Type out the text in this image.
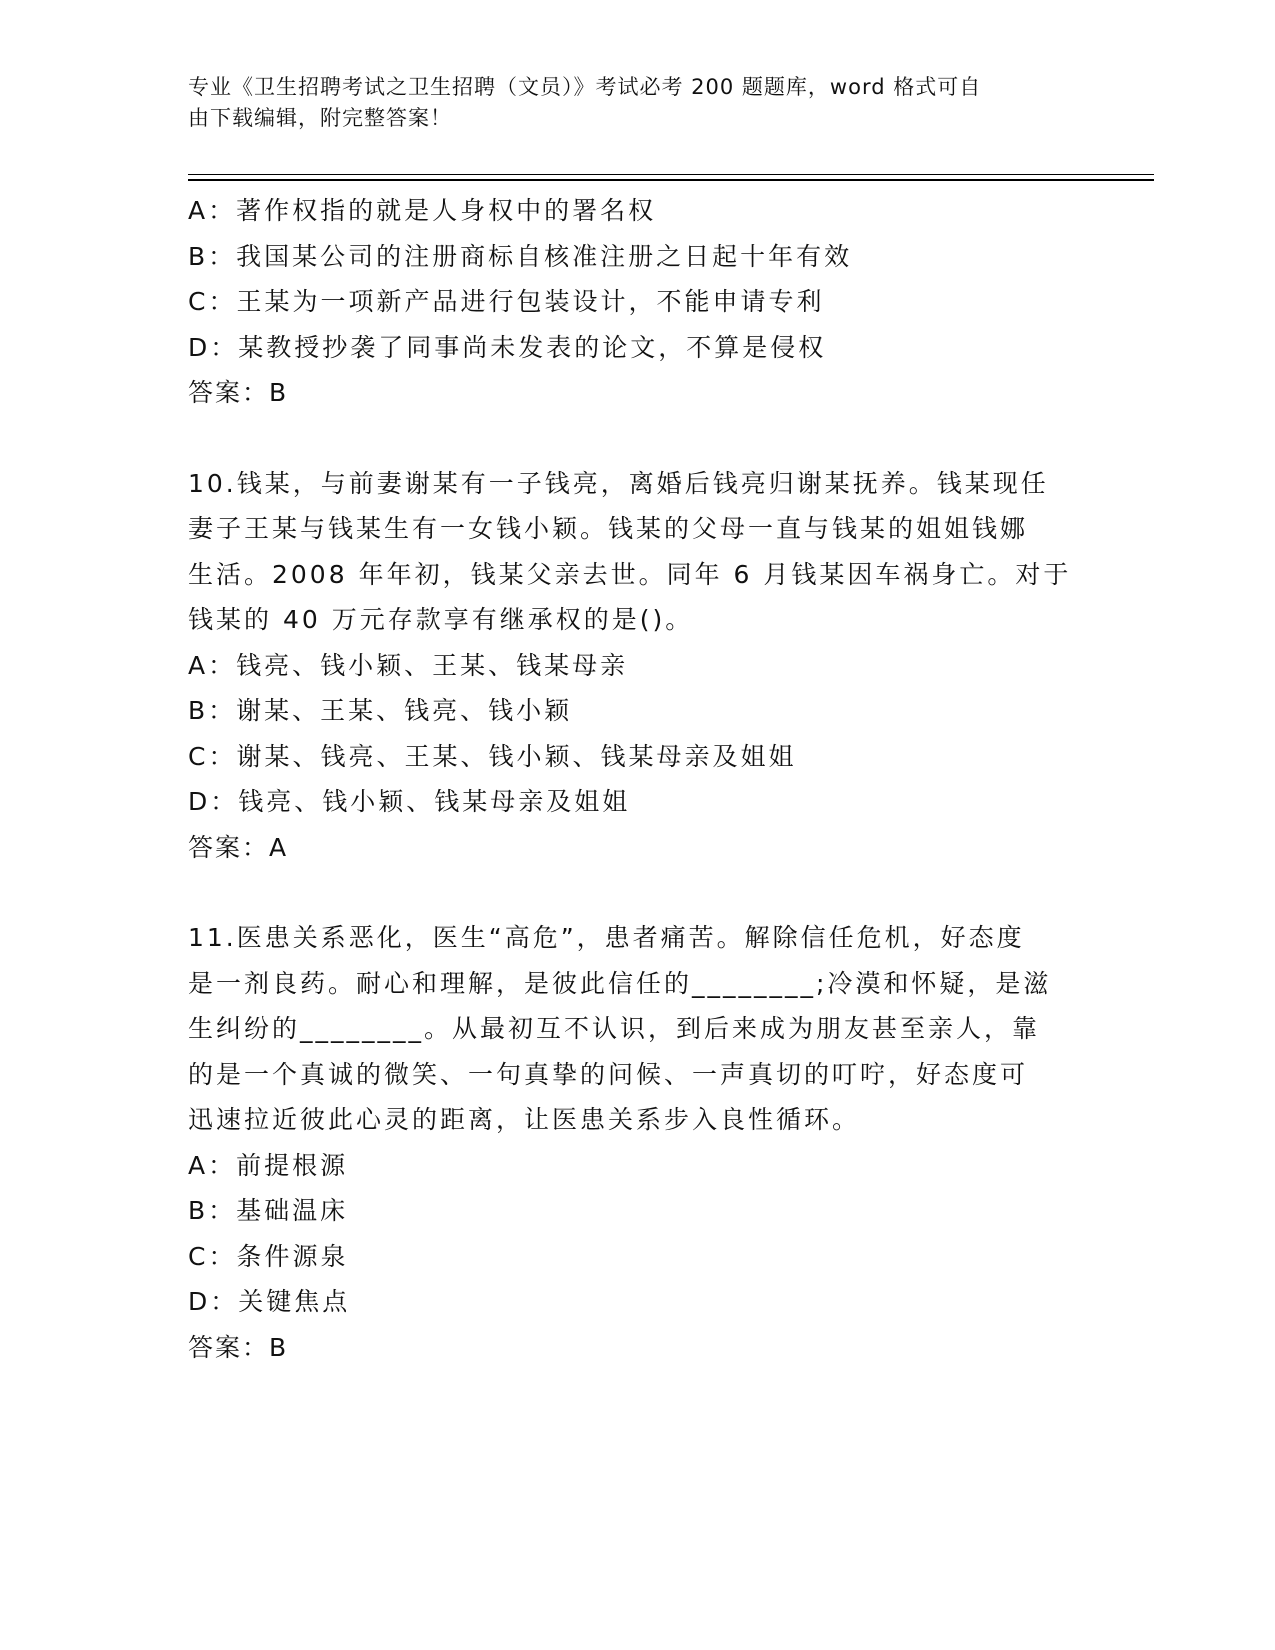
专业《卫生招聘考试之卫生招聘（文员）》考试必考 200 题题库，word 格式可自
由下载编辑，附完整答案！
A：著作权指的就是人身权中的署名权
B：我国某公司的注册商标自核准注册之日起十年有效
C：王某为一项新产品进行包装设计，不能申请专利
D：某教授抄袭了同事尚未发表的论文，不算是侵权
答案：B
10.钱某，与前妻谢某有一子钱亮，离婚后钱亮归谢某抚养。钱某现任
妻子王某与钱某生有一女钱小颖。钱某的父母一直与钱某的姐姐钱娜
生活。2008 年年初，钱某父亲去世。同年 6 月钱某因车祸身亡。对于
钱某的 40 万元存款享有继承权的是()。
A：钱亮、钱小颖、王某、钱某母亲
B：谢某、王某、钱亮、钱小颖
C：谢某、钱亮、王某、钱小颖、钱某母亲及姐姐
D：钱亮、钱小颖、钱某母亲及姐姐
答案：A
11.医患关系恶化，医生“高危”，患者痛苦。解除信任危机，好态度
是一剂良药。耐心和理解，是彼此信任的________;冷漠和怀疑，是滋
生纠纷的________。从最初互不认识，到后来成为朋友甚至亲人，靠
的是一个真诚的微笑、一句真挚的问候、一声真切的叮咛，好态度可
迅速拉近彼此心灵的距离，让医患关系步入良性循环。
A：前提根源
B：基础温床
C：条件源泉
D：关键焦点
答案：B
